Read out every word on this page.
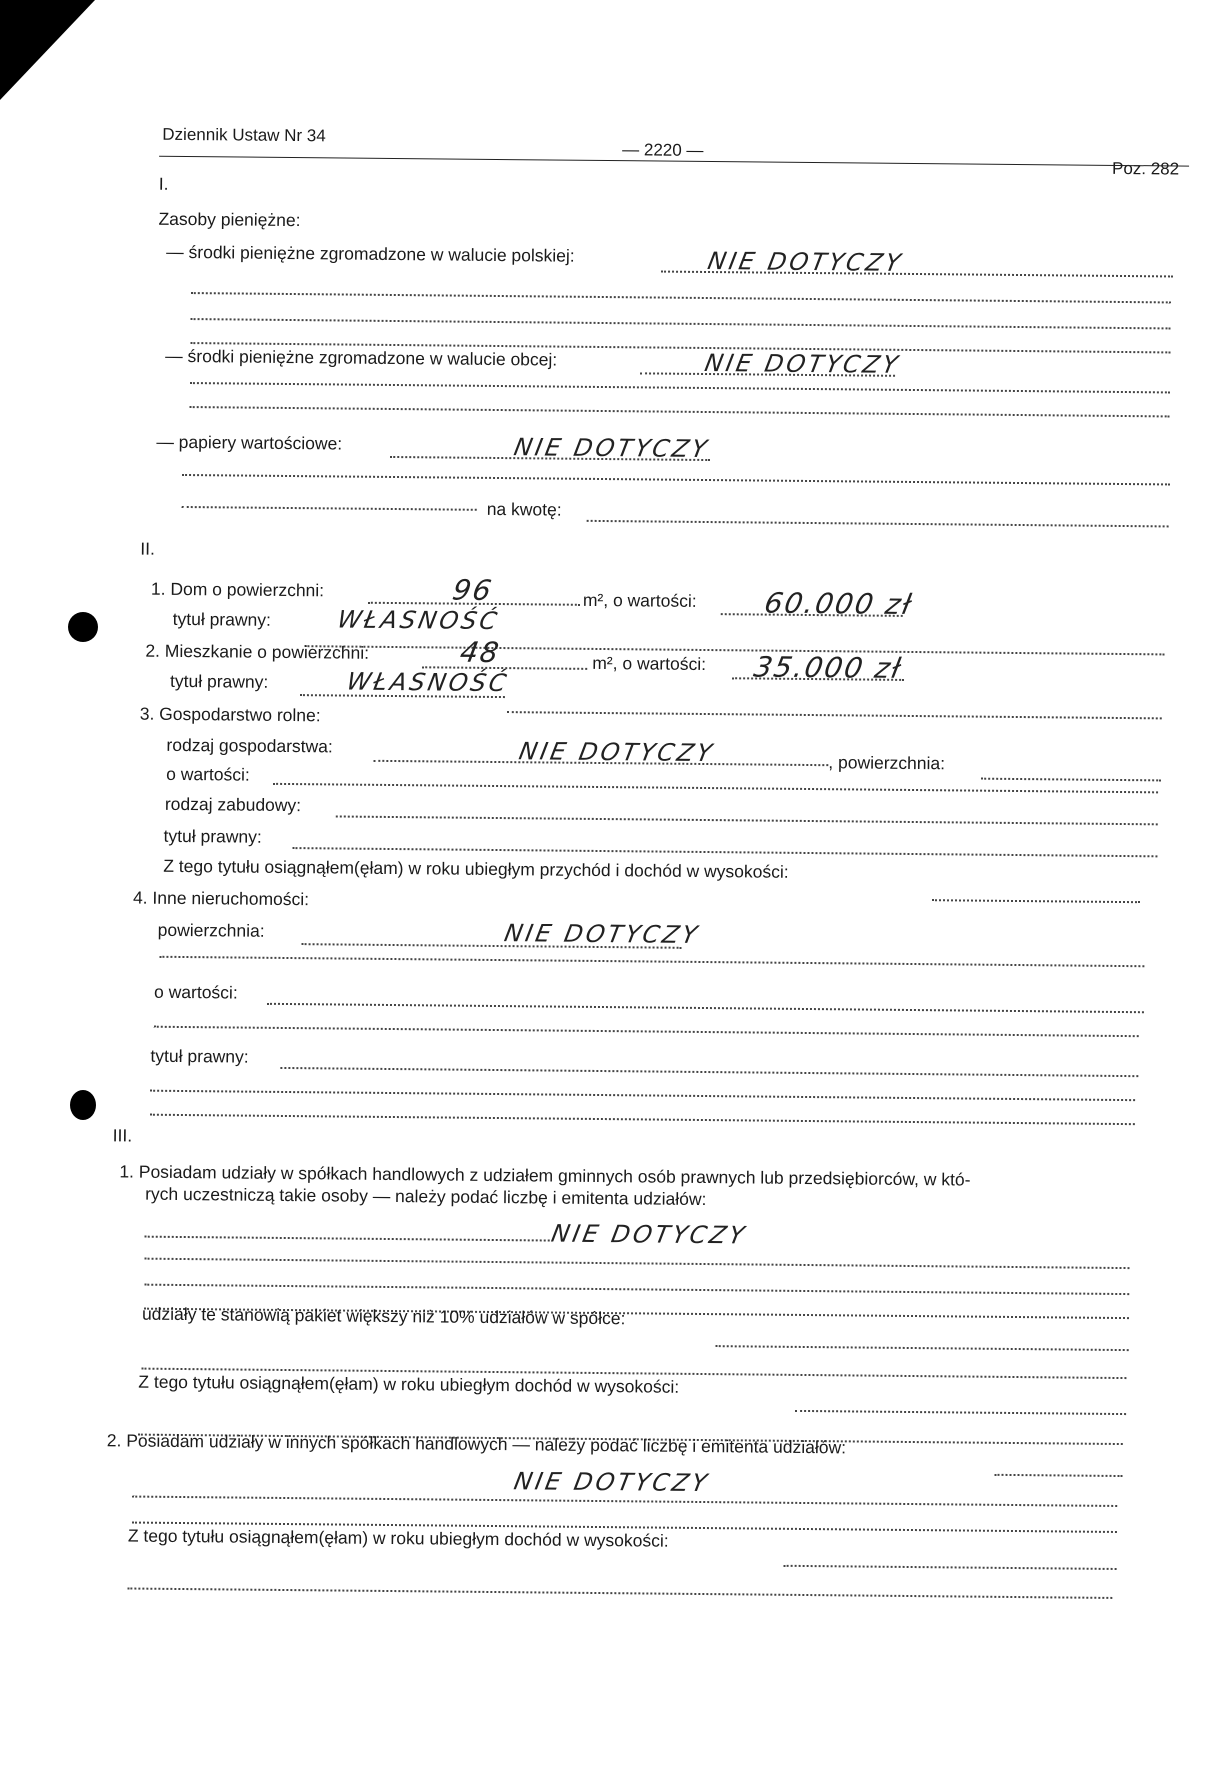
Dziennik Ustaw Nr 34
— 2220 —
Poz. 282
I.
Zasoby pieniężne:
— środki pieniężne zgromadzone w walucie polskiej:	NIE DOTYCZY
— środki pieniężne zgromadzone w walucie obcej:	NIE DOTYCZY
— papiery wartościowe:	NIE DOTYCZY
na kwotę:
II.
1. Dom o powierzchni:	96	m², o wartości: 60.000 zł
tytuł prawny:	WŁASNOŚĆ
2. Mieszkanie o powierzchni:	48	m², o wartości: 35.000 zł
tytuł prawny:	WŁASNOŚĆ
3. Gospodarstwo rolne:
rodzaj gospodarstwa:	NIE DOTYCZY	, powierzchnia:
o wartości:
rodzaj zabudowy:
tytuł prawny:
Z tego tytułu osiągnąłem(ęłam) w roku ubiegłym przychód i dochód w wysokości:
4. Inne nieruchomości:
powierzchnia:	NIE DOTYCZY
o wartości:
tytuł prawny:
III.
1. Posiadam udziały w spółkach handlowych z udziałem gminnych osób prawnych lub przedsiębiorców, w któ-
rych uczestniczą takie osoby — należy podać liczbę i emitenta udziałów:
NIE DOTYCZY
udziały te stanowią pakiet większy niż 10% udziałów w spółce:
Z tego tytułu osiągnąłem(ęłam) w roku ubiegłym dochód w wysokości:
2. Posiadam udziały w innych spółkach handlowych — należy podać liczbę i emitenta udziałów:
NIE DOTYCZY
Z tego tytułu osiągnąłem(ęłam) w roku ubiegłym dochód w wysokości:
